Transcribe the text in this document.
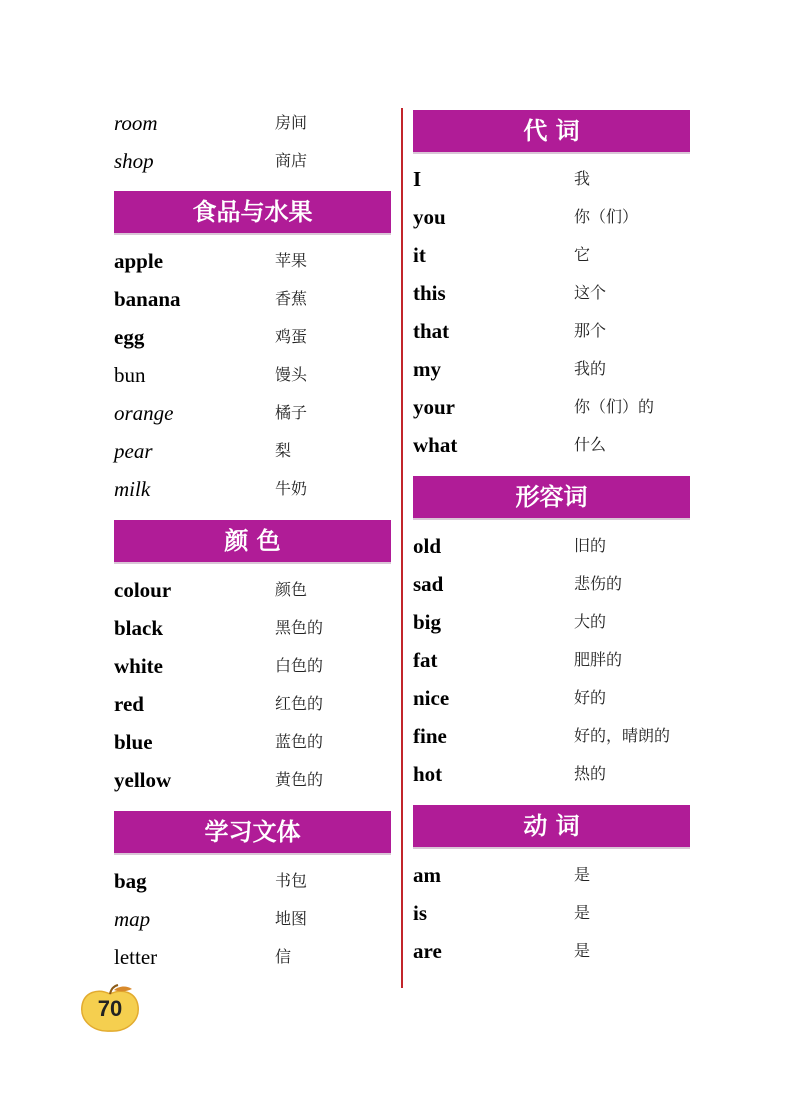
room	房间
shop	商店
食品与水果
apple	苹果
banana	香蕉
egg	鸡蛋
bun	馒头
orange	橘子
pear	梨
milk	牛奶
颜 色
colour	颜色
black	黑色的
white	白色的
red	红色的
blue	蓝色的
yellow	黄色的
学习文体
bag	书包
map	地图
letter	信
代 词
I	我
you	你（们）
it	它
this	这个
that	那个
my	我的
your	你（们）的
what	什么
形容词
old	旧的
sad	悲伤的
big	大的
fat	肥胖的
nice	好的
fine	好的，晴朗的
hot	热的
动 词
am	是
is	是
are	是
70
